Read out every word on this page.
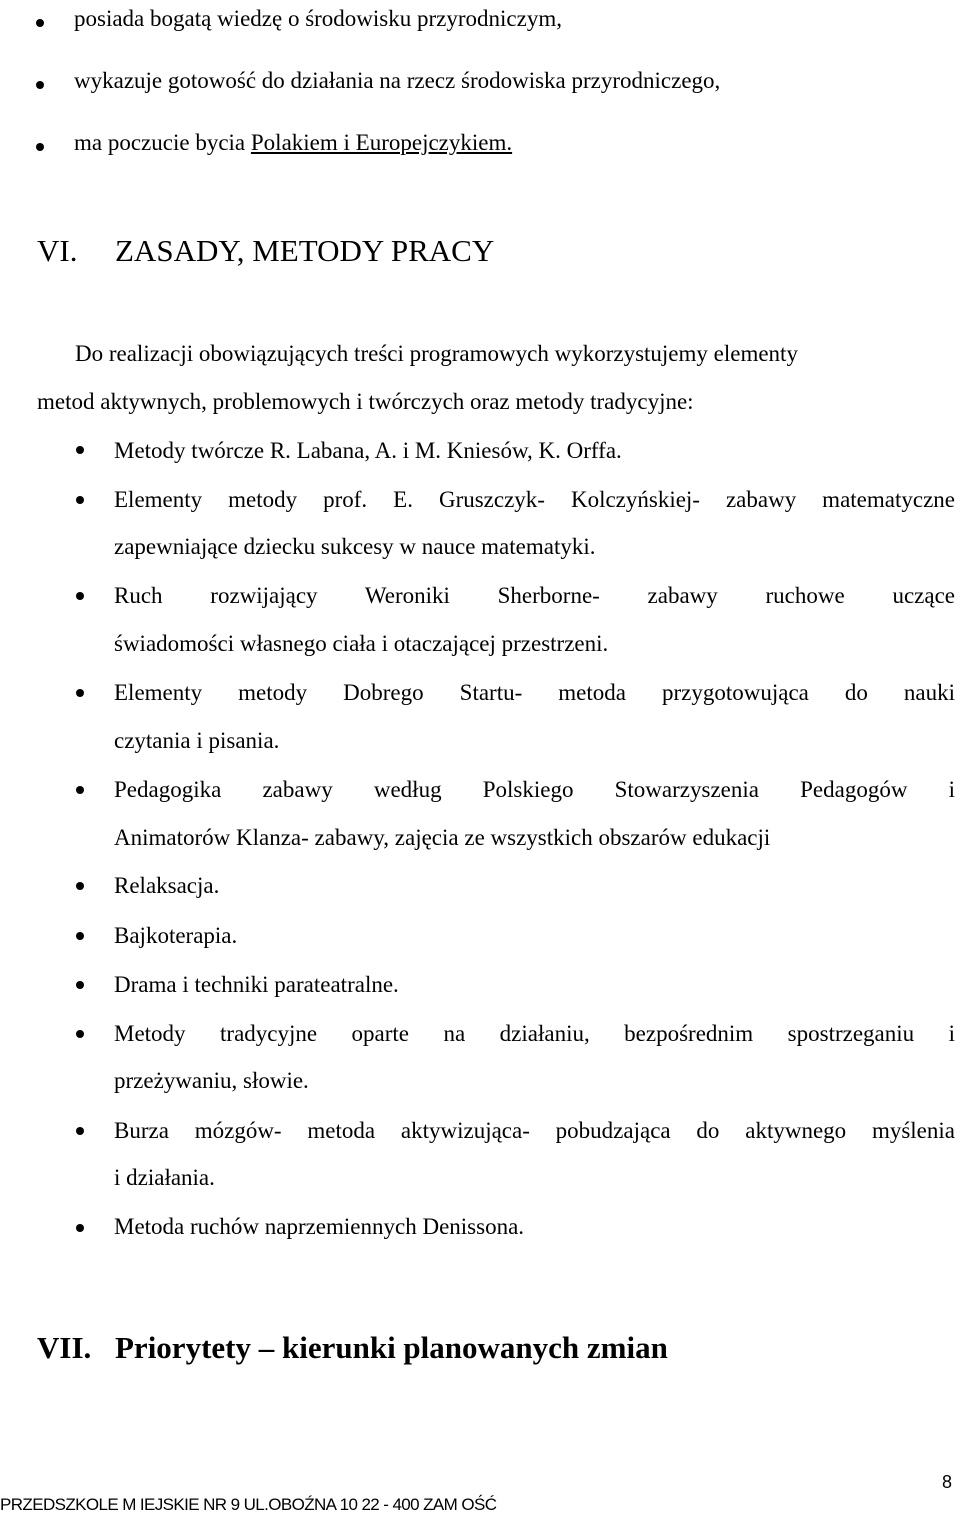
posiada bogatą wiedzę o środowisku przyrodniczym,
wykazuje gotowość do działania na rzecz środowiska przyrodniczego,
ma poczucie bycia Polakiem i Europejczykiem.
VI. ZASADY, METODY PRACY
Do realizacji obowiązujących treści programowych wykorzystujemy elementy
metod aktywnych, problemowych i twórczych oraz metody tradycyjne:
Metody twórcze R. Labana, A. i M. Kniesów, K. Orffa.
Elementy metody prof. E. Gruszczyk- Kolczyńskiej- zabawy matematyczne
zapewniające dziecku sukcesy w nauce matematyki.
Ruch rozwijający Weroniki Sherborne- zabawy ruchowe uczące
świadomości własnego ciała i otaczającej przestrzeni.
Elementy metody Dobrego Startu- metoda przygotowująca do nauki
czytania i pisania.
Pedagogika zabawy według Polskiego Stowarzyszenia Pedagogów i
Animatorów Klanza- zabawy, zajęcia ze wszystkich obszarów edukacji
Relaksacja.
Bajkoterapia.
Drama i techniki parateatralne.
Metody tradycyjne oparte na działaniu, bezpośrednim spostrzeganiu i
przeżywaniu, słowie.
Burza mózgów- metoda aktywizująca- pobudzająca do aktywnego myślenia
i działania.
Metoda ruchów naprzemiennych Denissona.
VII. Priorytety – kierunki planowanych zmian
8
PRZEDSZKOLE M IEJSKIE NR 9 UL.OBOŹNA 10 22 - 400 ZAM OŚĆ
